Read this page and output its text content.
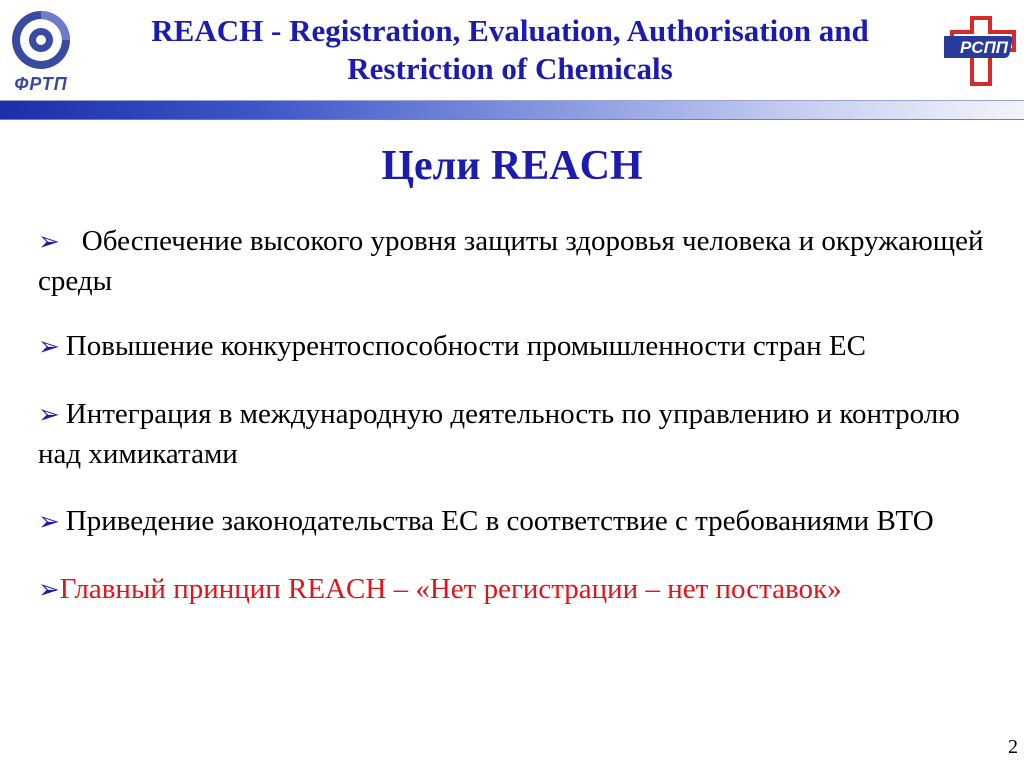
ФРТП
REACH - Registration, Evaluation, Authorisation and
Restriction of Chemicals
РСПП
Цели REACH
➢ Обеспечение высокого уровня защиты здоровья человека и окружающей среды
➢ Повышение конкурентоспособности промышленности стран ЕС
➢ Интеграция в международную деятельность по управлению и контролю над химикатами
➢ Приведение законодательства ЕС в соответствие с требованиями ВТО
➢Главный принцип REACH – «Нет регистрации – нет поставок»
2
